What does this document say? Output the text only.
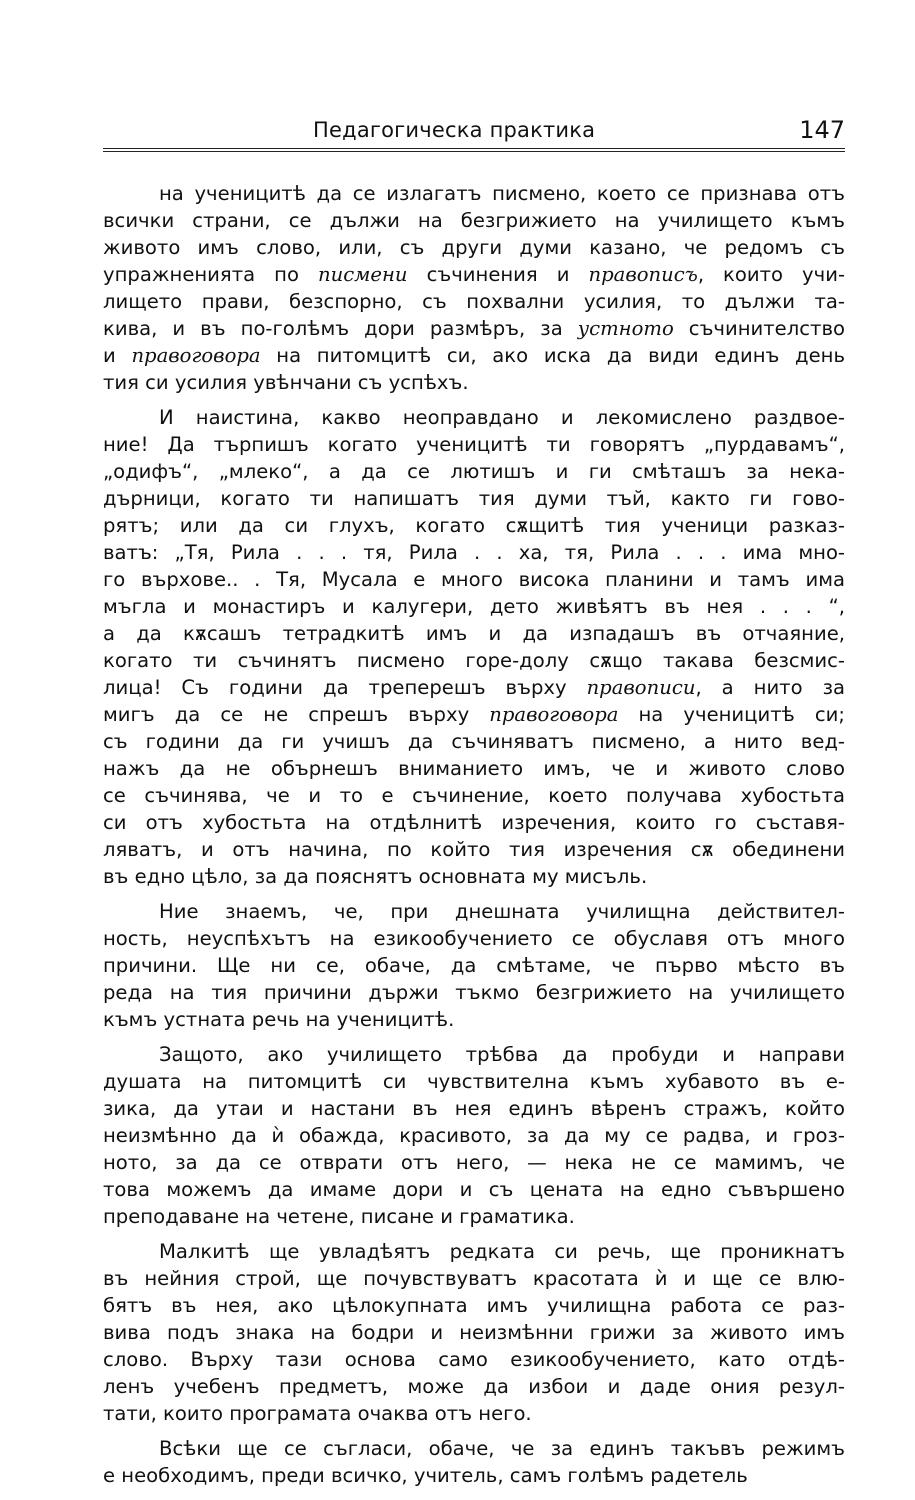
Педагогическа практика	147
на ученицитѣ да се излагатъ писмено, което се признава отъ
всички страни, се дължи на безгрижието на училището къмъ
живото имъ слово, или, съ други думи казано, че редомъ съ
упражненията по писмени съчинения и правописъ, които учи-
лището прави, безспорно, съ похвални усилия, то дължи та-
кива, и въ по-голѣмъ дори размѣръ, за устното съчинителство
и правоговора на питомцитѣ си, ако иска да види единъ день
тия си усилия увѣнчани съ успѣхъ.
И наистина, какво неоправдано и лекомислено раздвое-
ние! Да търпишъ когато ученицитѣ ти говорятъ „пурдавамъ“,
„одифъ“, „млеко“, а да се лютишъ и ги смѣташъ за нека-
дърници, когато ти напишатъ тия думи тъй, както ги гово-
рятъ; или да си глухъ, когато сѫщитѣ тия ученици разказ-
ватъ: „Тя, Рила . . . тя, Рила . . ха, тя, Рила . . . има мно-
го върхове.. . Тя, Мусала е много висока планини и тамъ има
мъгла и монастиръ и калугери, дето живѣятъ въ нея . . . “,
а да кѫсашъ тетрадкитѣ имъ и да изпадашъ въ отчаяние,
когато ти съчинятъ писмено горе-долу сѫщо такава безсмис-
лица! Съ години да трепеpешъ върху правописи, а нито за
мигъ да се не спрешъ върху правоговора на ученицитѣ си;
съ години да ги учишъ да съчиняватъ писмено, а нито вед-
нажъ да не обърнешъ вниманието имъ, че и живото слово
се съчинява, че и то е съчинение, което получава хубостьта
си отъ хубостьта на отдѣлнитѣ изречения, които го съставя-
ляватъ, и отъ начина, по който тия изречения сѫ обединени
въ едно цѣло, за да пояснятъ основната му мисъль.
Ние знаемъ, че, при днешната училищна действител-
ность, неуспѣхътъ на езикообучението се обуславя отъ много
причини. Ще ни се, обаче, да смѣтаме, че първо мѣсто въ
реда на тия причини държи тъкмо безгрижието на училището
къмъ устната речь на ученицитѣ.
Защото, ако училището трѣбва да пробуди и направи
душата на питомцитѣ си чувствителна къмъ хубавото въ е-
зика, да утаи и настани въ нея единъ вѣренъ стражъ, който
неизмѣнно да ѝ обажда, красивото, за да му се радва, и гроз-
ното, за да се отврати отъ него, — нека не се мамимъ, че
това можемъ да имаме дори и съ цената на едно съвършено
преподаване на четене, писане и граматика.
Малкитѣ ще увладѣятъ редката си речь, ще проникнатъ
въ нейния строй, ще почувствуватъ красотата ѝ и ще се влю-
бятъ въ нея, ако цѣлокупната имъ училищна работа се раз-
вива подъ знака на бодри и неизмѣнни грижи за живото имъ
слово. Върху тази основа само езикообучението, като отдѣ-
ленъ учебенъ предметъ, може да избои и даде ония резул-
тати, които програмата очаква отъ него.
Всѣки ще се съгласи, обаче, че за единъ такъвъ режимъ
е необходимъ, преди всичко, учитель, самъ голѣмъ радетель
